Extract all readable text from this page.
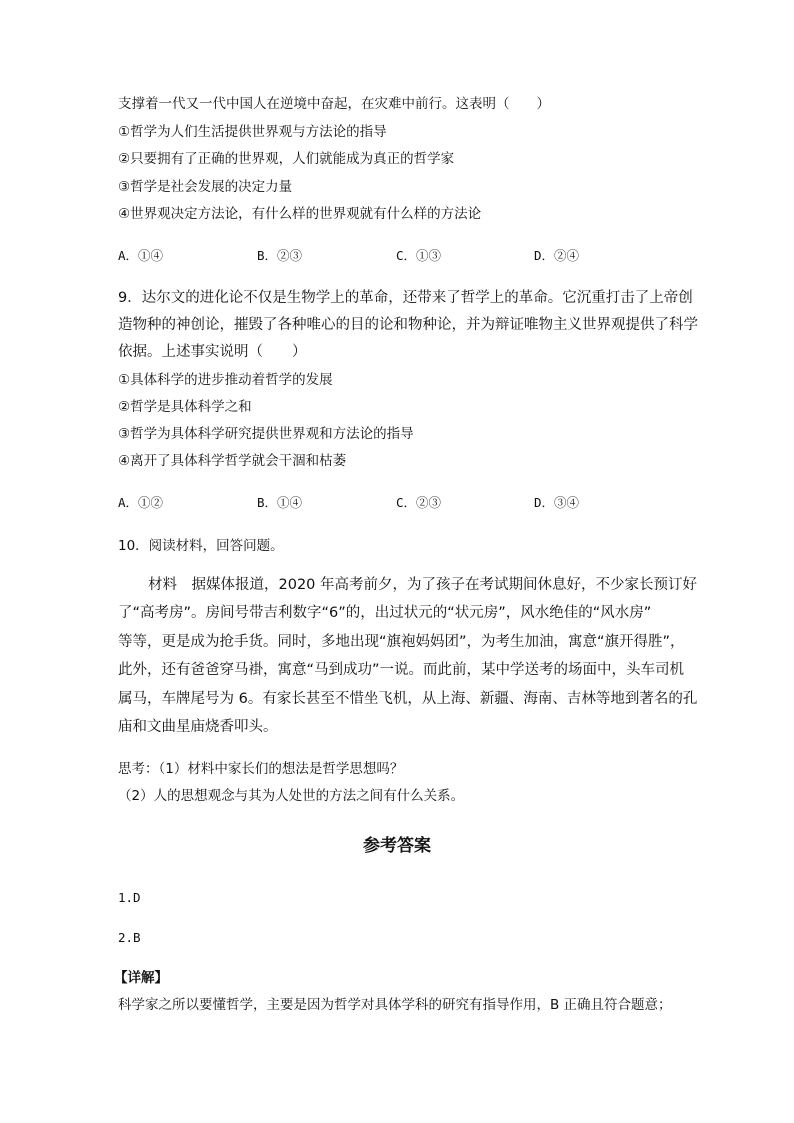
支撑着一代又一代中国人在逆境中奋起，在灾难中前行。这表明（　　）
①哲学为人们生活提供世界观与方法论的指导
②只要拥有了正确的世界观，人们就能成为真正的哲学家
③哲学是社会发展的决定力量
④世界观决定方法论，有什么样的世界观就有什么样的方法论
A．①④	B．②③	C．①③	D．②④
9．达尔文的进化论不仅是生物学上的革命，还带来了哲学上的革命。它沉重打击了上帝创
造物种的神创论，摧毁了各种唯心的目的论和物种论，并为辩证唯物主义世界观提供了科学
依据。上述事实说明（　　）
①具体科学的进步推动着哲学的发展
②哲学是具体科学之和
③哲学为具体科学研究提供世界观和方法论的指导
④离开了具体科学哲学就会干涸和枯萎
A．①②	B．①④	C．②③	D．③④
10．阅读材料，回答问题。
材料　据媒体报道，2020 年高考前夕，为了孩子在考试期间休息好，不少家长预订好
了“高考房”。房间号带吉利数字“6”的，出过状元的“状元房”，风水绝佳的“风水房”
等等，更是成为抢手货。同时，多地出现“旗袍妈妈团”，为考生加油，寓意“旗开得胜”，
此外，还有爸爸穿马褂，寓意“马到成功”一说。而此前，某中学送考的场面中，头车司机
属马，车牌尾号为 6。有家长甚至不惜坐飞机，从上海、新疆、海南、吉林等地到著名的孔
庙和文曲星庙烧香叩头。
思考：（1）材料中家长们的想法是哲学思想吗？
（2）人的思想观念与其为人处世的方法之间有什么关系。
参考答案
1.D
2.B
【详解】
科学家之所以要懂哲学，主要是因为哲学对具体学科的研究有指导作用，B 正确且符合题意；
